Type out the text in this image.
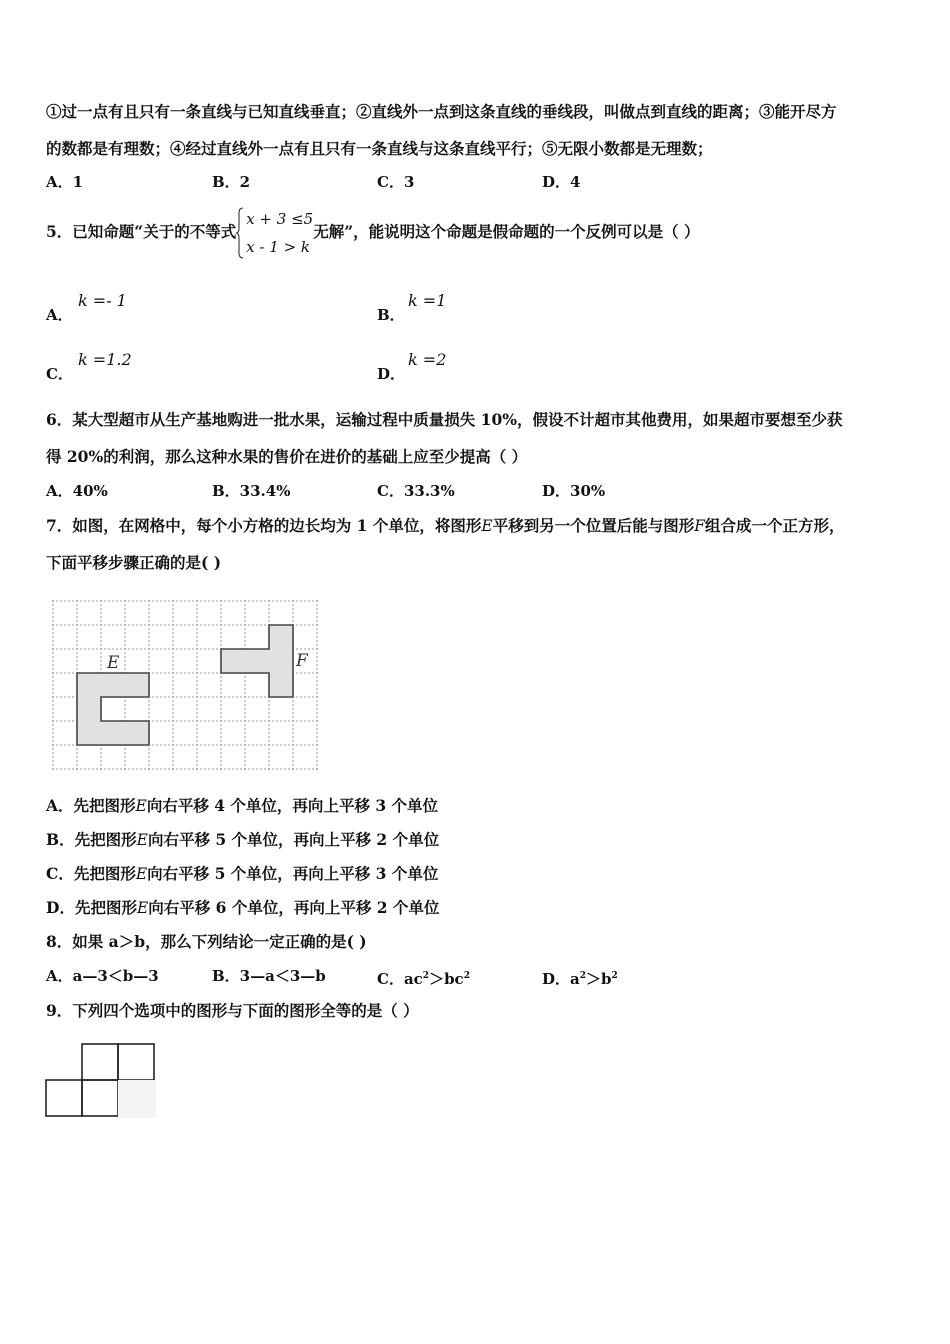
①过一点有且只有一条直线与已知直线垂直；②直线外一点到这条直线的垂线段，叫做点到直线的距离；③能开尽方
的数都是有理数；④经过直线外一点有且只有一条直线与这条直线平行；⑤无限小数都是无理数；
A．1	B．2	C．3	D．4
5．已知命题“关于的不等式
x + 3 ≤5
x - 1 > k
无解”，能说明这个命题是假命题的一个反例可以是（ ）
A．
k =- 1
B．
k =1
C．
k =1.2
D．
k =2
6．某大型超市从生产基地购进一批水果，运输过程中质量损失 10%，假设不计超市其他费用，如果超市要想至少获
得 20%的利润，那么这种水果的售价在进价的基础上应至少提高（ ）
A．40%	B．33.4%	C．33.3%	D．30%
7．如图，在网格中，每个小方格的边长均为 1 个单位，将图形E平移到另一个位置后能与图形F组合成一个正方形，
下面平移步骤正确的是( )
E	F
A．先把图形E向右平移 4 个单位，再向上平移 3 个单位
B．先把图形E向右平移 5 个单位，再向上平移 2 个单位
C．先把图形E向右平移 5 个单位，再向上平移 3 个单位
D．先把图形E向右平移 6 个单位，再向上平移 2 个单位
8．如果 a＞b，那么下列结论一定正确的是( )
A．a—3＜b—3	B．3—a＜3—b	C．$ac^2>bc^2$	D．$a^2>b^2$
9．下列四个选项中的图形与下面的图形全等的是（ ）
